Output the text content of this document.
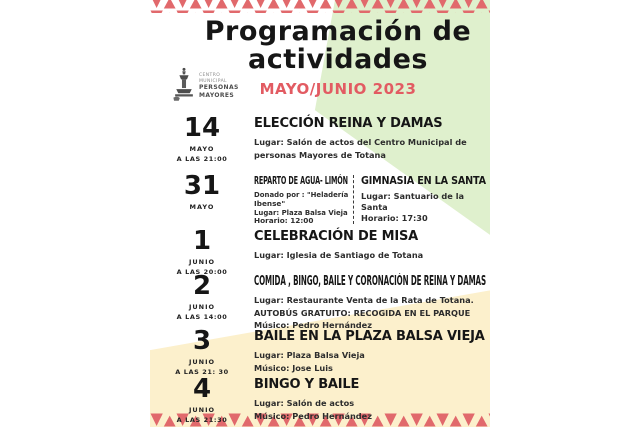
Programación de
actividades
MAYO/JUNIO 2023
CENTRO
MUNICIPAL
PERSONAS
MAYORES
14
MAYO
A LAS 21:00
ELECCIÓN REINA Y DAMAS
Lugar: Salón de actos del Centro Municipal de
personas Mayores de Totana
31
MAYO
REPARTO DE AGUA- LIMÓN
Donado por : "Heladería
Ibense"
Lugar: Plaza Balsa Vieja
Horario: 12:00
GIMNASIA EN LA SANTA
Lugar: Santuario de la
Santa
Horario: 17:30
1
JUNIO
A LAS 20:00
CELEBRACIÓN DE MISA
Lugar: Iglesia de Santiago de Totana
2
JUNIO
A LAS 14:00
COMIDA , BINGO, BAILE Y CORONACIÓN DE REINA Y DAMAS
Lugar: Restaurante Venta de la Rata de Totana.
AUTOBÚS GRATUITO: RECOGIDA EN EL PARQUE
Músico: Pedro Hernández
3
JUNIO
A LAS 21: 30
BAILE EN LA PLAZA BALSA VIEJA
Lugar: Plaza Balsa Vieja
Músico: Jose Luis
4
JUNIO
A LAS 21:30
BINGO Y BAILE
Lugar: Salón de actos
Músico: Pedro Hernández
